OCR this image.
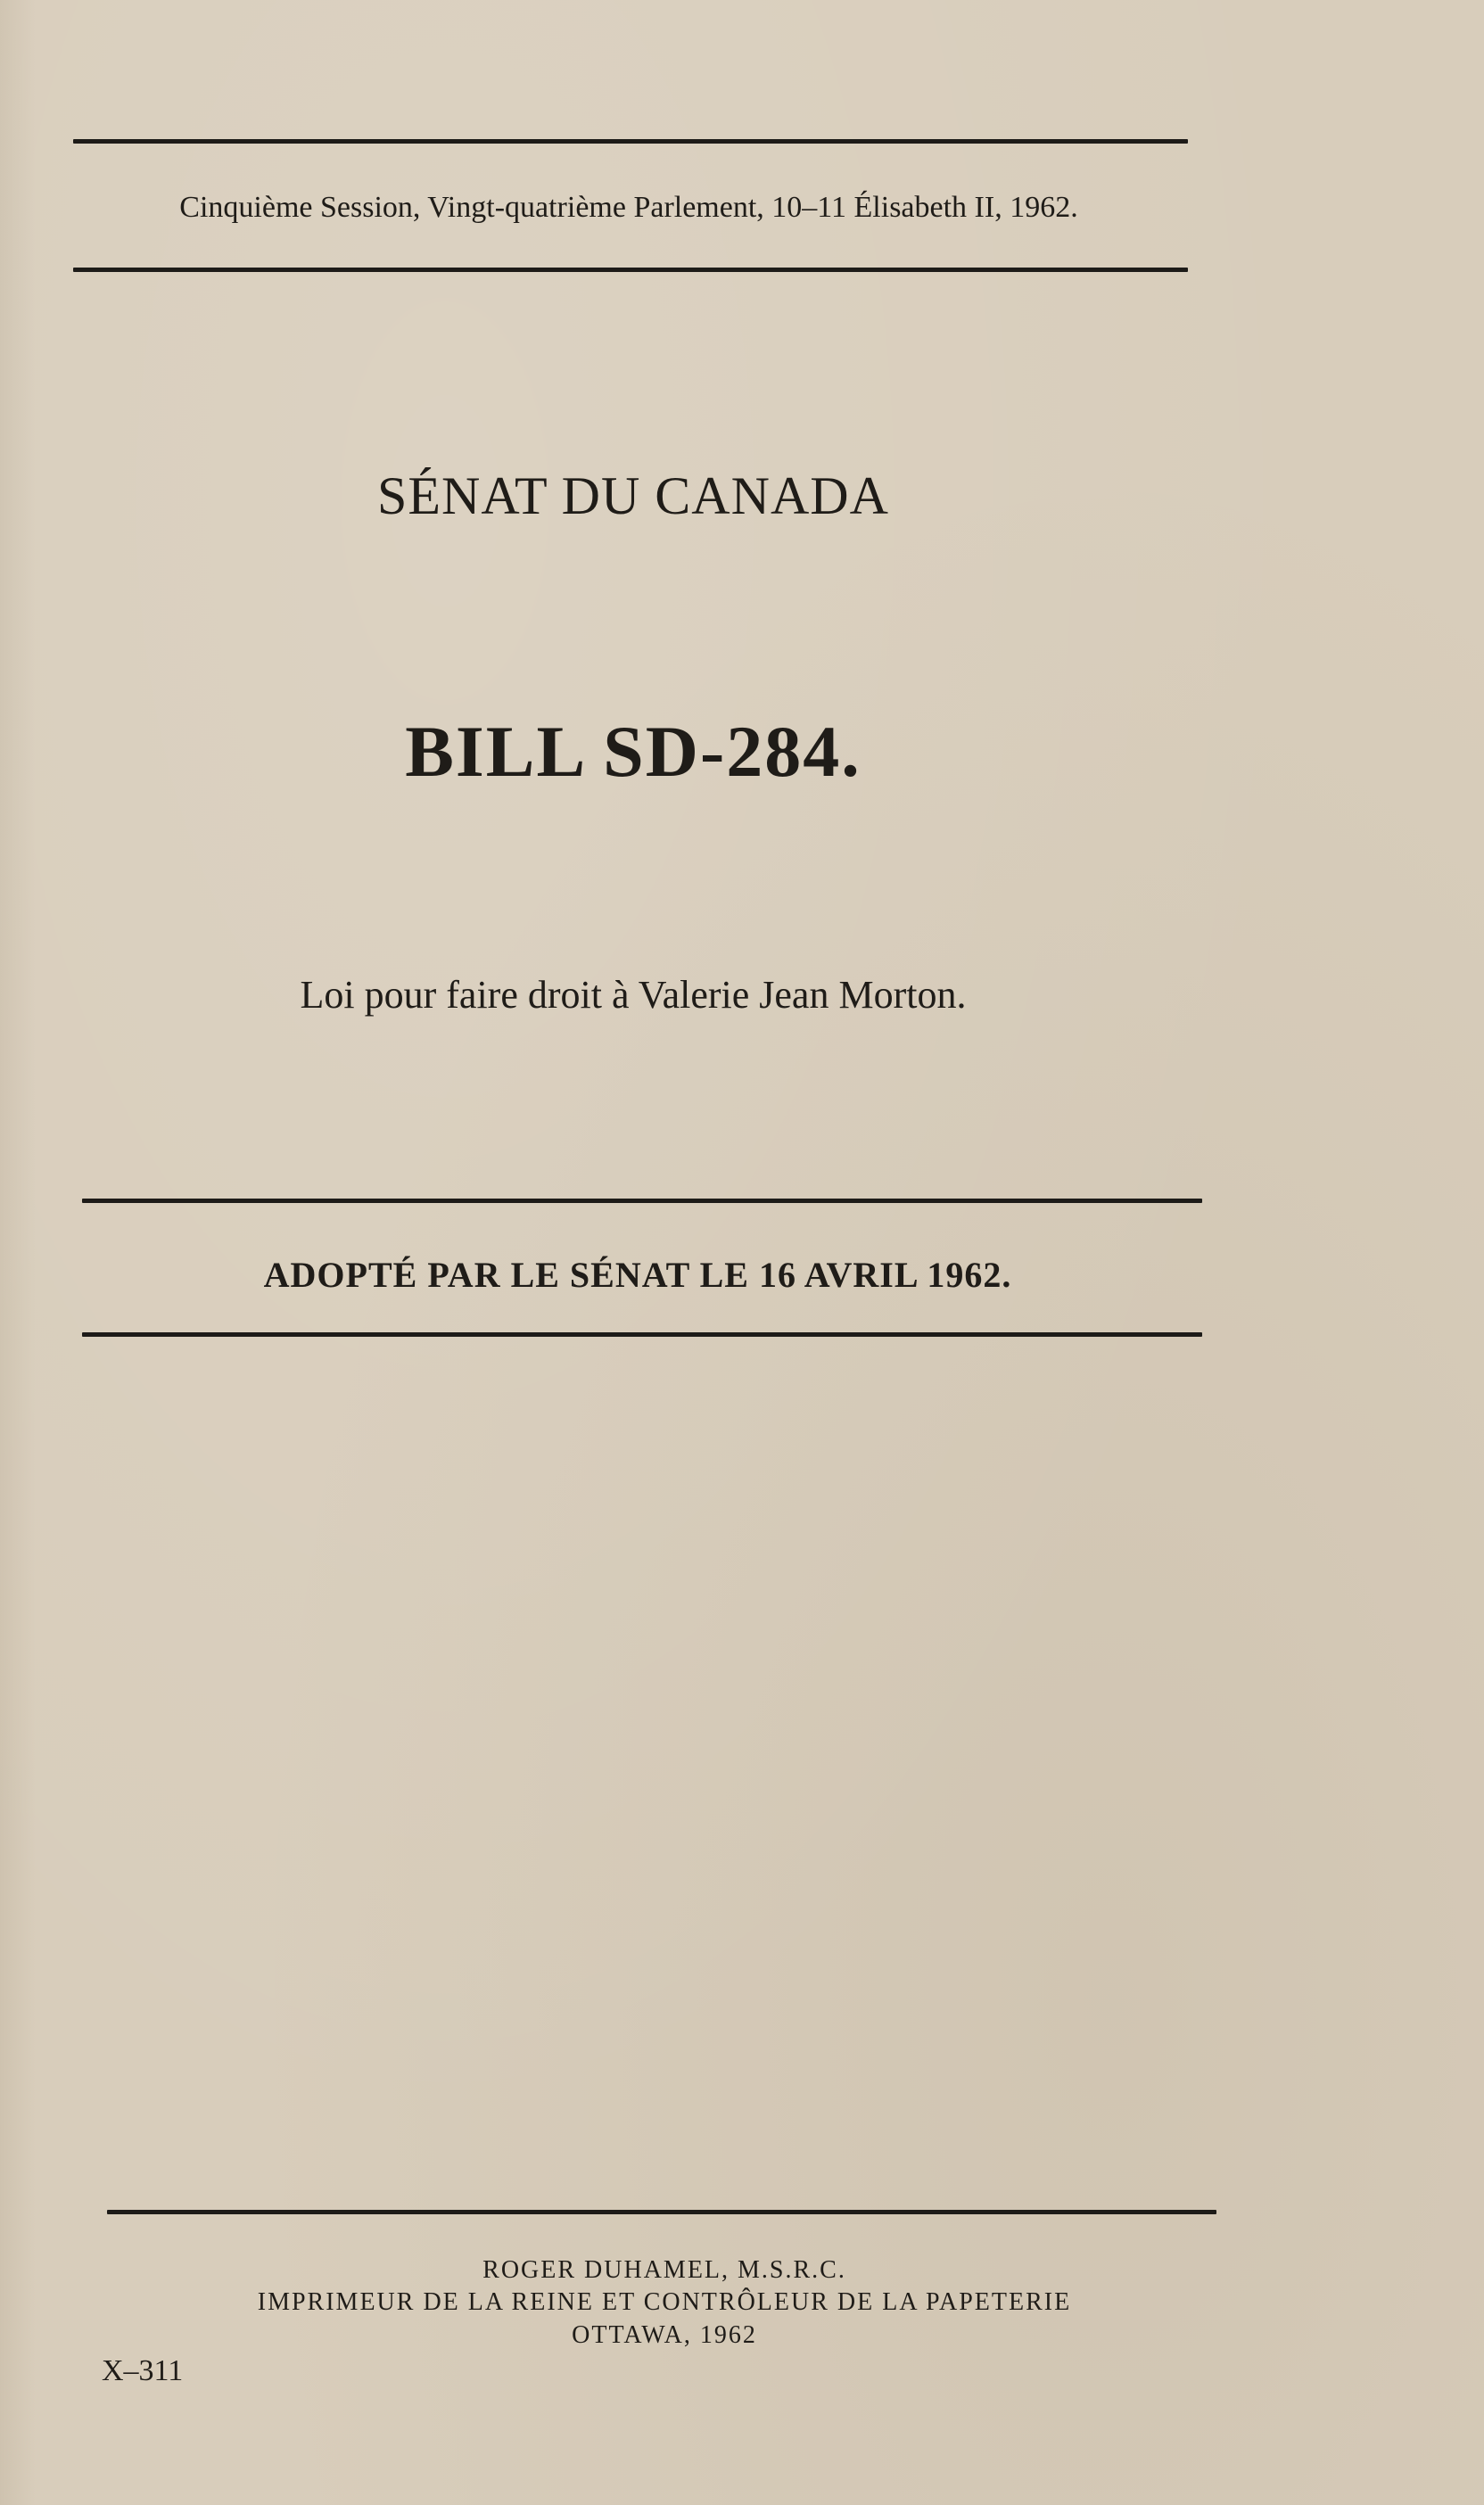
Cinquième Session, Vingt-quatrième Parlement, 10–11 Élisabeth II, 1962.
SÉNAT DU CANADA
BILL SD-284.
Loi pour faire droit à Valerie Jean Morton.
ADOPTÉ PAR LE SÉNAT LE 16 AVRIL 1962.
ROGER DUHAMEL, M.S.R.C.
IMPRIMEUR DE LA REINE ET CONTRÔLEUR DE LA PAPETERIE
OTTAWA, 1962
X–311
